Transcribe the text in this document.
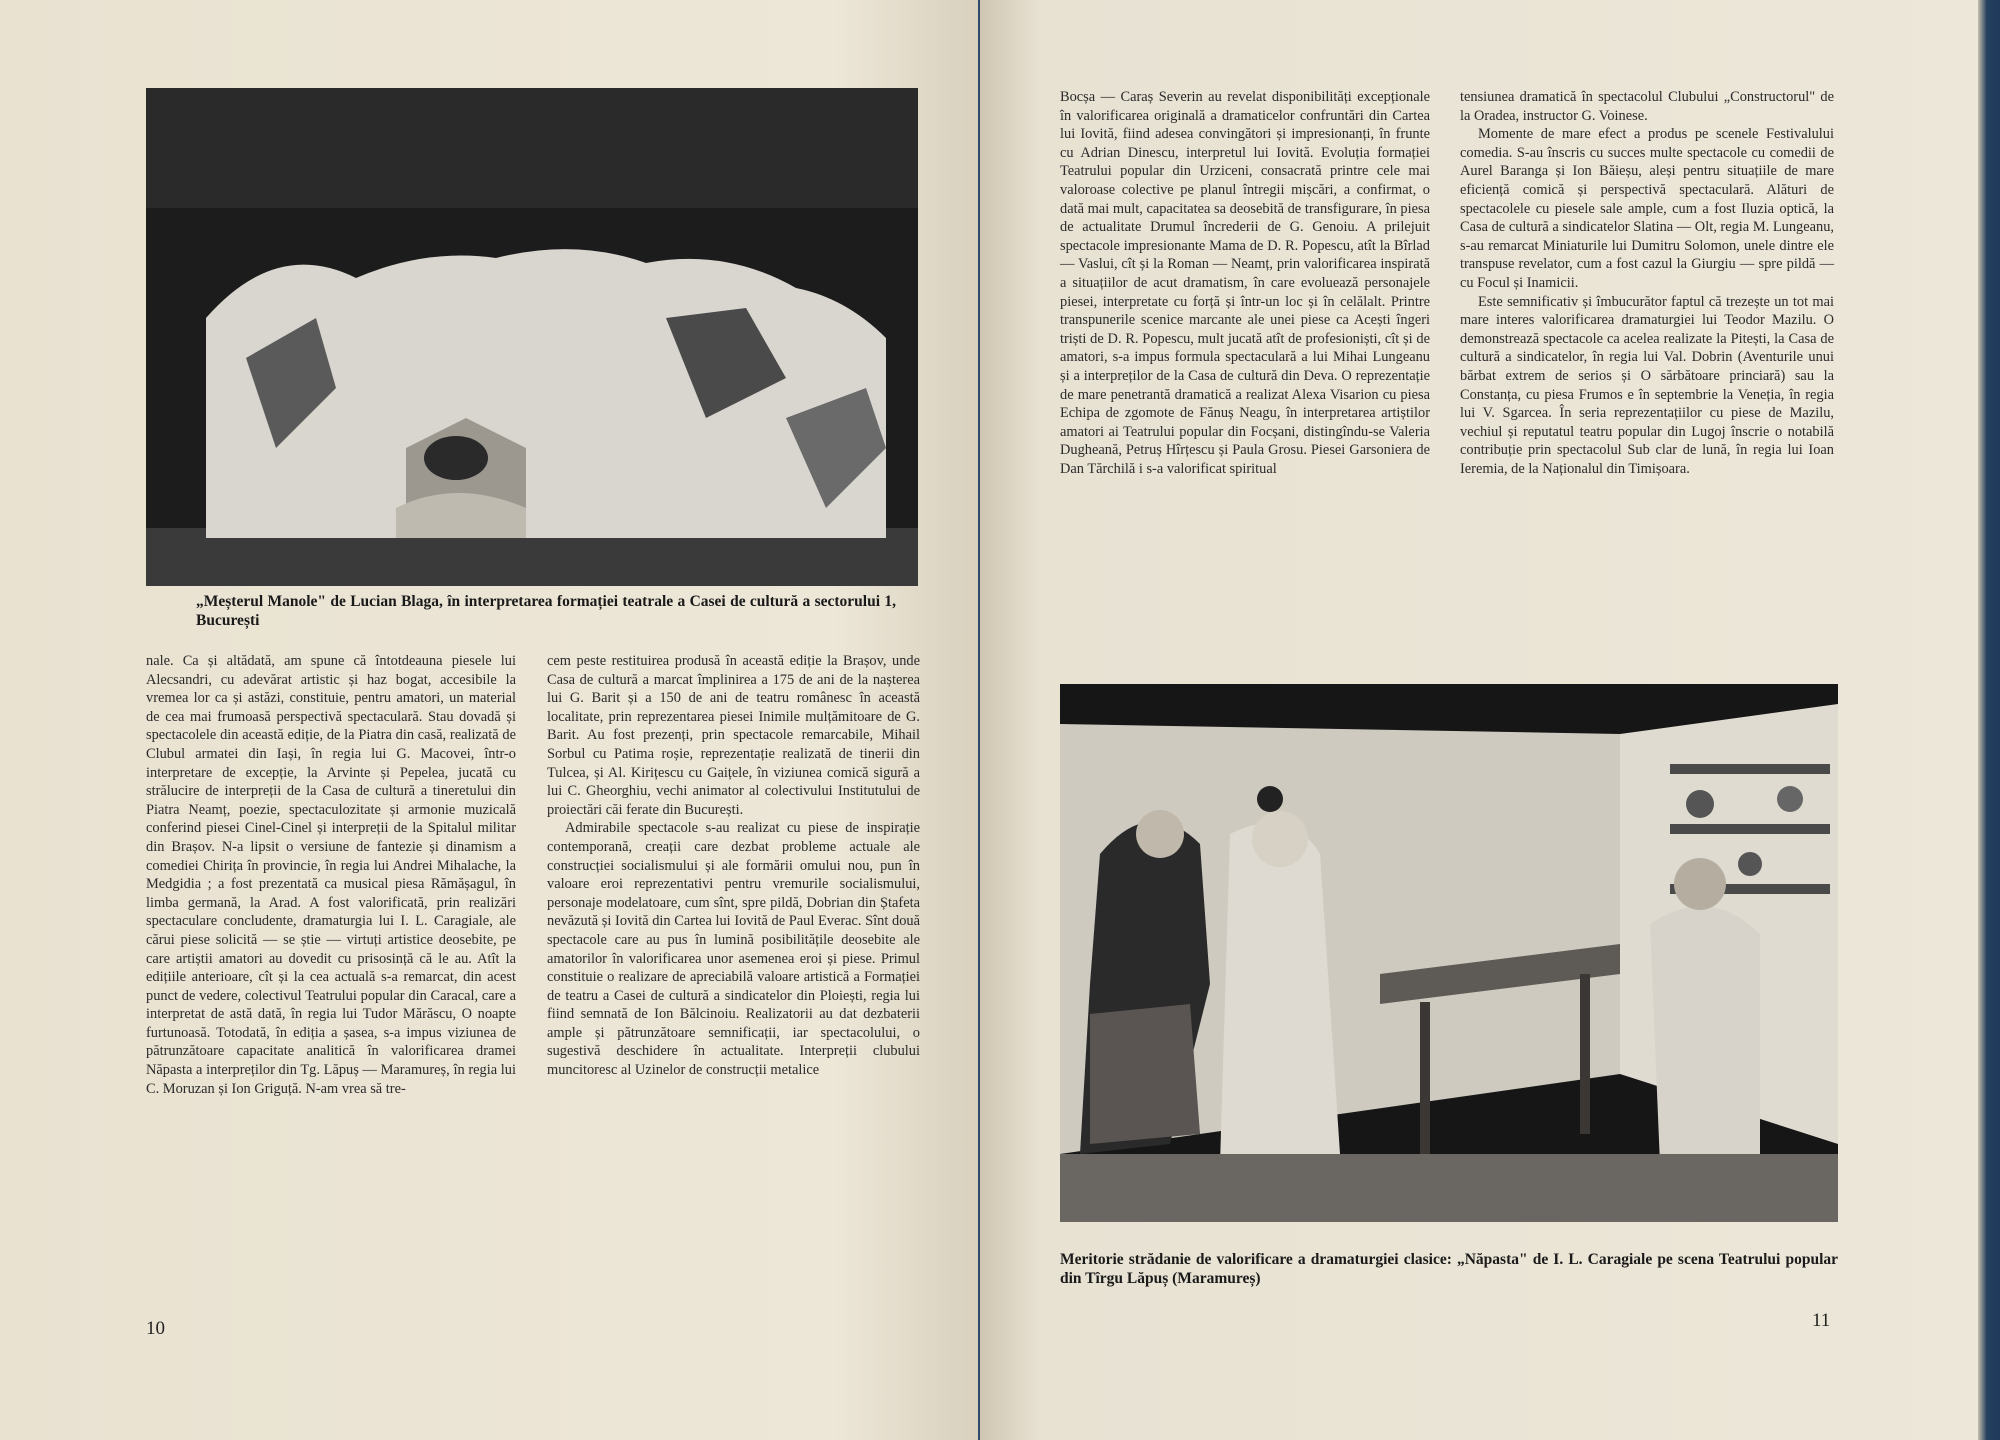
„Meșterul Manole" de Lucian Blaga, în interpretarea formației teatrale a Casei de cultură a sectorului 1, București

nale. Ca și altădată, am spune că întotdeauna piesele lui Alecsandri, cu adevărat artistic și haz bogat, accesibile la vremea lor ca și astăzi, constituie, pentru amatori, un material de cea mai frumoasă perspectivă spectaculară. Stau dovadă și spectacolele din această ediție, de la Piatra din casă, realizată de Clubul armatei din Iași, în regia lui G. Macovei, într-o interpretare de excepție, la Arvinte și Pepelea, jucată cu strălucire de interpreții de la Casa de cultură a tineretului din Piatra Neamț, poezie, spectaculozitate și armonie muzicală conferind piesei Cinel-Cinel și interpreții de la Spitalul militar din Brașov. N-a lipsit o versiune de fantezie și dinamism a comediei Chirița în provincie, în regia lui Andrei Mihalache, la Medgidia ; a fost prezentată ca musical piesa Rămășagul, în limba germană, la Arad. A fost valorificată, prin realizări spectaculare concludente, dramaturgia lui I. L. Caragiale, ale cărui piese solicită — se știe — virtuți artistice deosebite, pe care artiștii amatori au dovedit cu prisosință că le au. Atît la edițiile anterioare, cît și la cea actuală s-a remarcat, din acest punct de vedere, colectivul Teatrului popular din Caracal, care a interpretat de astă dată, în regia lui Tudor Mărăscu, O noapte furtunoasă. Totodată, în ediția a șasea, s-a impus viziunea de pătrunzătoare capacitate analitică în valorificarea dramei Năpasta a interpreților din Tg. Lăpuș — Maramureș, în regia lui C. Moruzan și Ion Griguță. N-am vrea să tre-

cem peste restituirea produsă în această ediție la Brașov, unde Casa de cultură a marcat împlinirea a 175 de ani de la nașterea lui G. Barit și a 150 de ani de teatru românesc în această localitate, prin reprezentarea piesei Inimile mulțămitoare de G. Barit. Au fost prezenți, prin spectacole remarcabile, Mihail Sorbul cu Patima roșie, reprezentație realizată de tinerii din Tulcea, și Al. Kirițescu cu Gaițele, în viziunea comică sigură a lui C. Gheorghiu, vechi animator al colectivului Institutului de proiectări căi ferate din București.

Admirabile spectacole s-au realizat cu piese de inspirație contemporană, creații care dezbat probleme actuale ale construcției socialismului și ale formării omului nou, pun în valoare eroi reprezentativi pentru vremurile socialismului, personaje modelatoare, cum sînt, spre pildă, Dobrian din Ștafeta nevăzută și Iovită din Cartea lui Iovită de Paul Everac. Sînt două spectacole care au pus în lumină posibilitățile deosebite ale amatorilor în valorificarea unor asemenea eroi și piese. Primul constituie o realizare de apreciabilă valoare artistică a Formației de teatru a Casei de cultură a sindicatelor din Ploiești, regia lui fiind semnată de Ion Bălcinoiu. Realizatorii au dat dezbaterii ample și pătrunzătoare semnificații, iar spectacolului, o sugestivă deschidere în actualitate. Interpreții clubului muncitoresc al Uzinelor de construcții metalice

10

Bocșa — Caraș Severin au revelat disponibilități excepționale în valorificarea originală a dramaticelor confruntări din Cartea lui Iovită, fiind adesea convingători și impresionanți, în frunte cu Adrian Dinescu, interpretul lui Iovită. Evoluția formației Teatrului popular din Urziceni, consacrată printre cele mai valoroase colective pe planul întregii mișcări, a confirmat, o dată mai mult, capacitatea sa deosebită de transfigurare, în piesa de actualitate Drumul încrederii de G. Genoiu. A prilejuit spectacole impresionante Mama de D. R. Popescu, atît la Bîrlad — Vaslui, cît și la Roman — Neamț, prin valorificarea inspirată a situațiilor de acut dramatism, în care evoluează personajele piesei, interpretate cu forță și într-un loc și în celălalt. Printre transpunerile scenice marcante ale unei piese ca Acești îngeri triști de D. R. Popescu, mult jucată atît de profesioniști, cît și de amatori, s-a impus formula spectaculară a lui Mihai Lungeanu și a interpreților de la Casa de cultură din Deva. O reprezentație de mare penetrantă dramatică a realizat Alexa Visarion cu piesa Echipa de zgomote de Fănuș Neagu, în interpretarea artiștilor amatori ai Teatrului popular din Focșani, distingîndu-se Valeria Dugheană, Petruș Hîrțescu și Paula Grosu. Piesei Garsoniera de Dan Tărchilă i s-a valorificat spiritual

tensiunea dramatică în spectacolul Clubului „Constructorul" de la Oradea, instructor G. Voinese.

Momente de mare efect a produs pe scenele Festivalului comedia. S-au înscris cu succes multe spectacole cu comedii de Aurel Baranga și Ion Băieșu, aleși pentru situațiile de mare eficiență comică și perspectivă spectaculară. Alături de spectacolele cu piesele sale ample, cum a fost Iluzia optică, la Casa de cultură a sindicatelor Slatina — Olt, regia M. Lungeanu, s-au remarcat Miniaturile lui Dumitru Solomon, unele dintre ele transpuse revelator, cum a fost cazul la Giurgiu — spre pildă — cu Focul și Inamicii.

Este semnificativ și îmbucurător faptul că trezește un tot mai mare interes valorificarea dramaturgiei lui Teodor Mazilu. O demonstrează spectacole ca acelea realizate la Pitești, la Casa de cultură a sindicatelor, în regia lui Val. Dobrin (Aventurile unui bărbat extrem de serios și O sărbătoare princiară) sau la Constanța, cu piesa Frumos e în septembrie la Veneția, în regia lui V. Sgarcea. În seria reprezentațiilor cu piese de Mazilu, vechiul și reputatul teatru popular din Lugoj înscrie o notabilă contribuție prin spectacolul Sub clar de lună, în regia lui Ioan Ieremia, de la Naționalul din Timișoara.

Meritorie strădanie de valorificare a dramaturgiei clasice: „Năpasta" de I. L. Caragiale pe scena Teatrului popular din Tîrgu Lăpuș (Maramureș)

11
